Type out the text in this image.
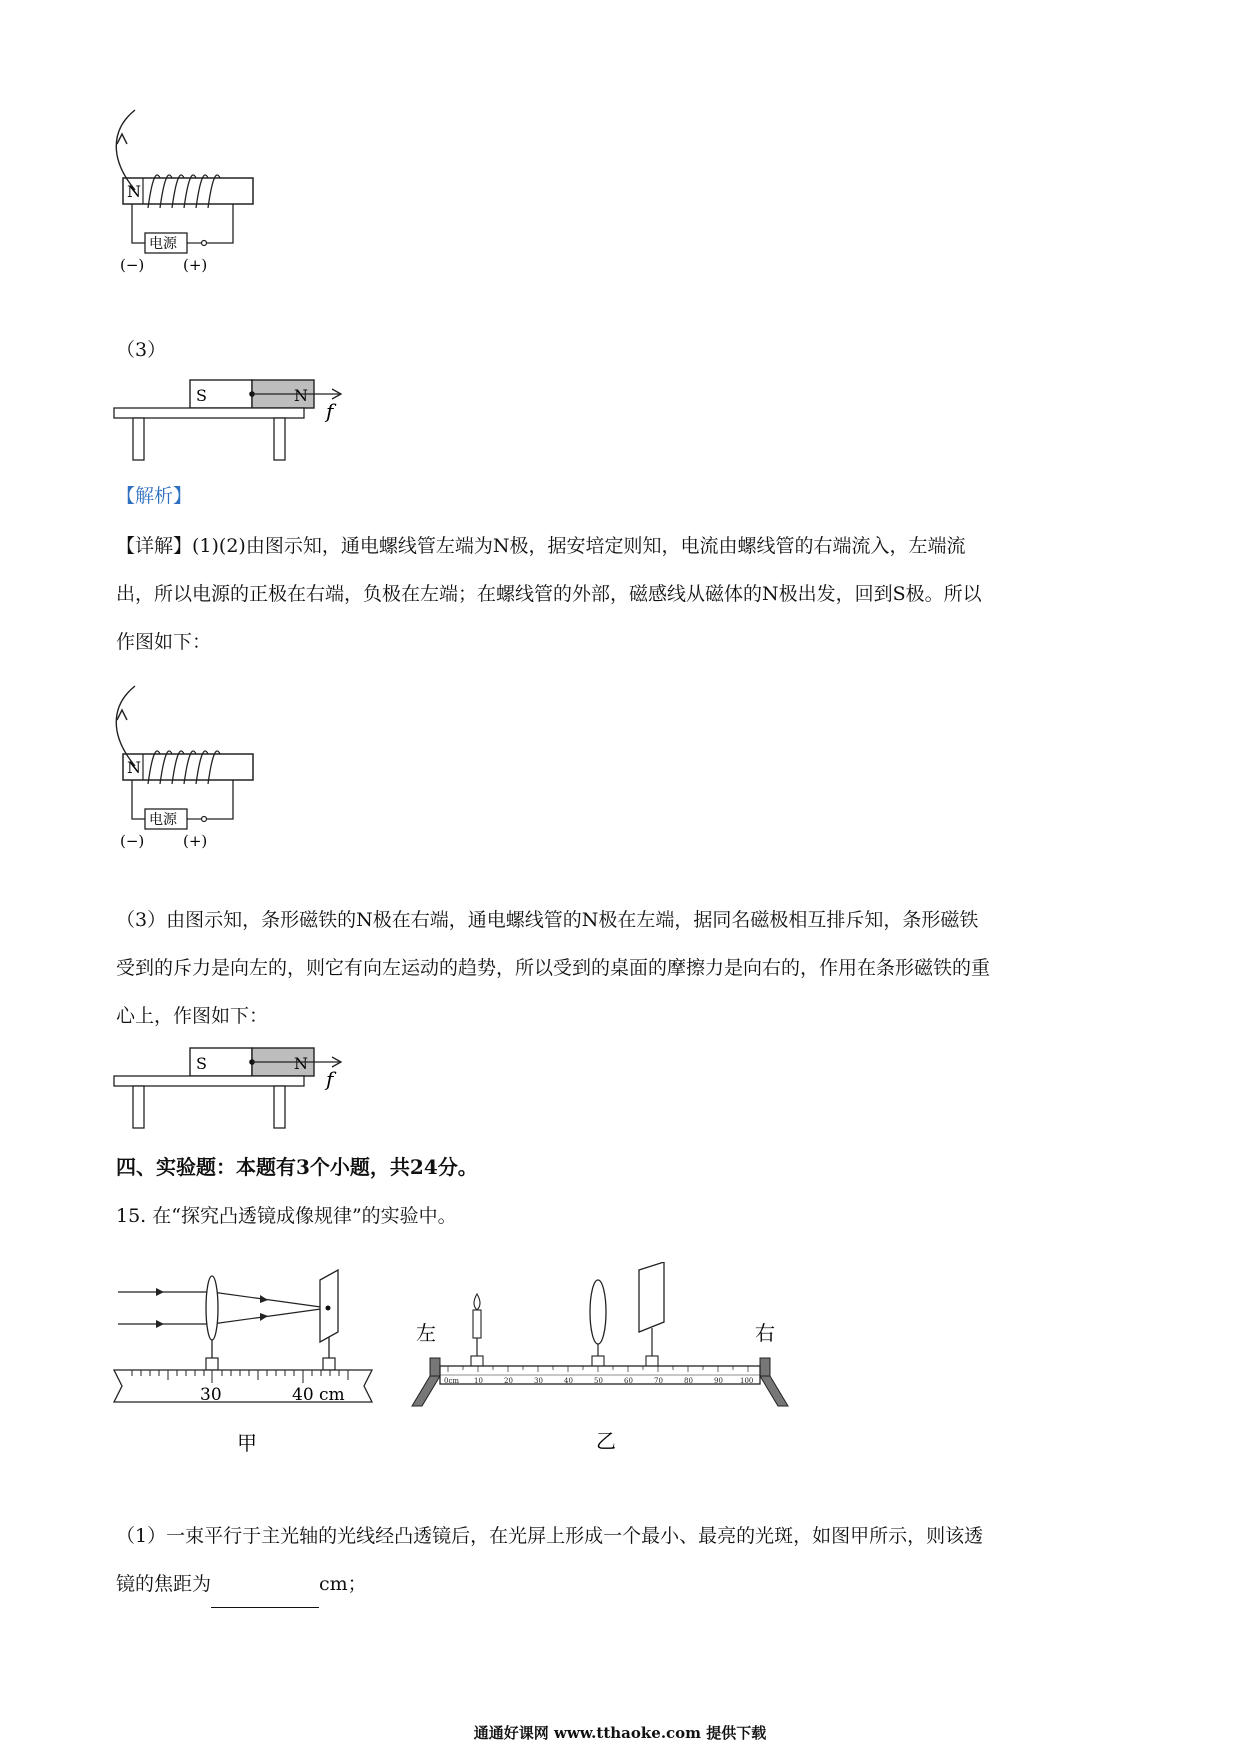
N
电源
(−)	(+)
（3）
S	N
f
【解析】
【详解】(1)(2)由图示知，通电螺线管左端为N极，据安培定则知，电流由螺线管的右端流入，左端流
出，所以电源的正极在右端，负极在左端；在螺线管的外部，磁感线从磁体的N极出发，回到S极。所以
作图如下：
N
电源
(−)	(+)
（3）由图示知，条形磁铁的N极在右端，通电螺线管的N极在左端，据同名磁极相互排斥知，条形磁铁
受到的斥力是向左的，则它有向左运动的趋势，所以受到的桌面的摩擦力是向右的，作用在条形磁铁的重
心上，作图如下：
S	N
f
四、实验题：本题有3个小题，共24分。
15. 在“探究凸透镜成像规律”的实验中。
30	40 cm
甲
左	右
0cm 10	20	30	40	50	60	70	80	90 100
乙
（1）一束平行于主光轴的光线经凸透镜后，在光屏上形成一个最小、最亮的光斑，如图甲所示，则该透
镜的焦距为	cm；
通通好课网 www.tthaoke.com 提供下载
